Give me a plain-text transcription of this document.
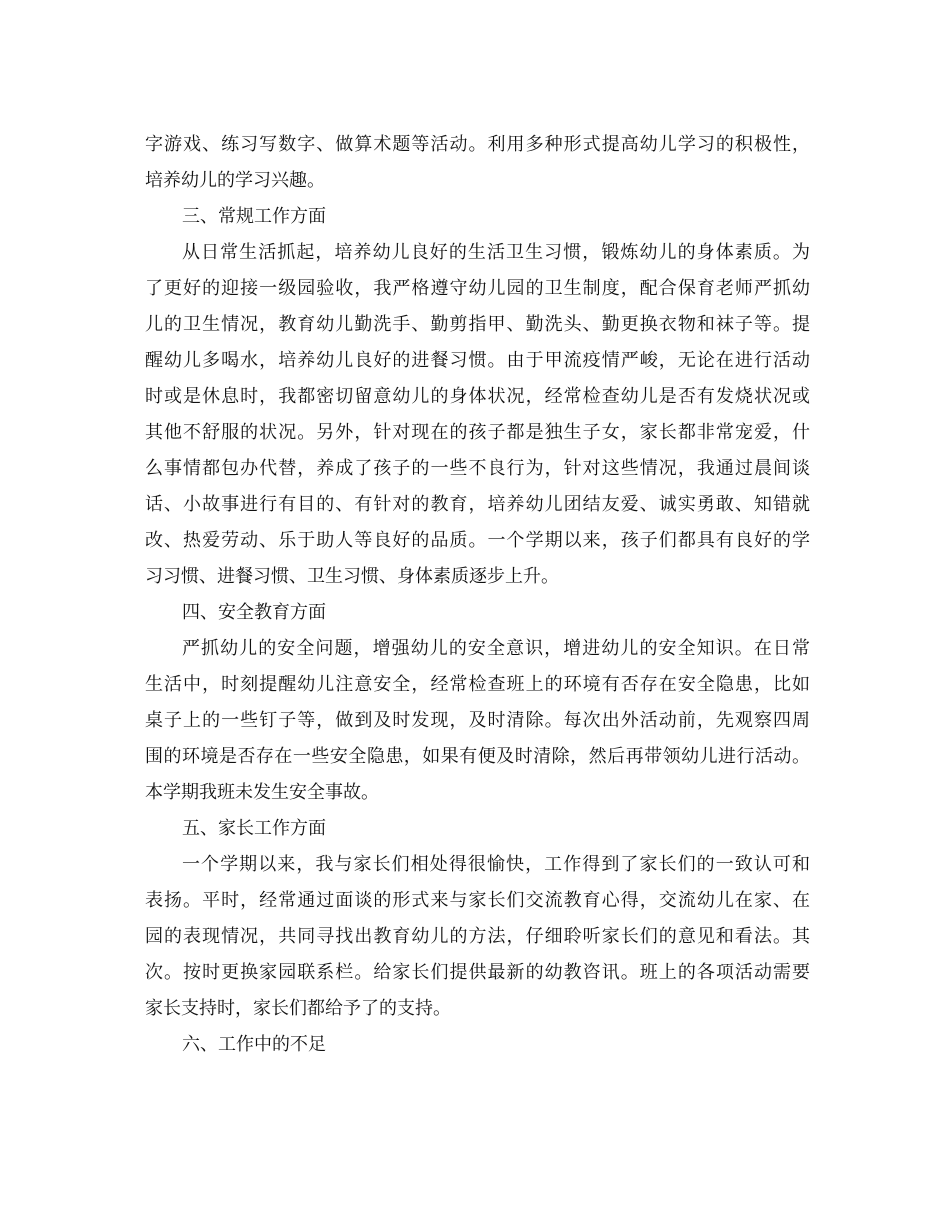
字游戏、练习写数字、做算术题等活动。利用多种形式提高幼儿学习的积极性，
培养幼儿的学习兴趣。
三、常规工作方面
从日常生活抓起，培养幼儿良好的生活卫生习惯，锻炼幼儿的身体素质。为
了更好的迎接一级园验收，我严格遵守幼儿园的卫生制度，配合保育老师严抓幼
儿的卫生情况，教育幼儿勤洗手、勤剪指甲、勤洗头、勤更换衣物和袜子等。提
醒幼儿多喝水，培养幼儿良好的进餐习惯。由于甲流疫情严峻，无论在进行活动
时或是休息时，我都密切留意幼儿的身体状况，经常检查幼儿是否有发烧状况或
其他不舒服的状况。另外，针对现在的孩子都是独生子女，家长都非常宠爱，什
么事情都包办代替，养成了孩子的一些不良行为，针对这些情况，我通过晨间谈
话、小故事进行有目的、有针对的教育，培养幼儿团结友爱、诚实勇敢、知错就
改、热爱劳动、乐于助人等良好的品质。一个学期以来，孩子们都具有良好的学
习习惯、进餐习惯、卫生习惯、身体素质逐步上升。
四、安全教育方面
严抓幼儿的安全问题，增强幼儿的安全意识，增进幼儿的安全知识。在日常
生活中，时刻提醒幼儿注意安全，经常检查班上的环境有否存在安全隐患，比如
桌子上的一些钉子等，做到及时发现，及时清除。每次出外活动前，先观察四周
围的环境是否存在一些安全隐患，如果有便及时清除，然后再带领幼儿进行活动。
本学期我班未发生安全事故。
五、家长工作方面
一个学期以来，我与家长们相处得很愉快，工作得到了家长们的一致认可和
表扬。平时，经常通过面谈的形式来与家长们交流教育心得，交流幼儿在家、在
园的表现情况，共同寻找出教育幼儿的方法，仔细聆听家长们的意见和看法。其
次。按时更换家园联系栏。给家长们提供最新的幼教咨讯。班上的各项活动需要
家长支持时，家长们都给予了的支持。
六、工作中的不足
